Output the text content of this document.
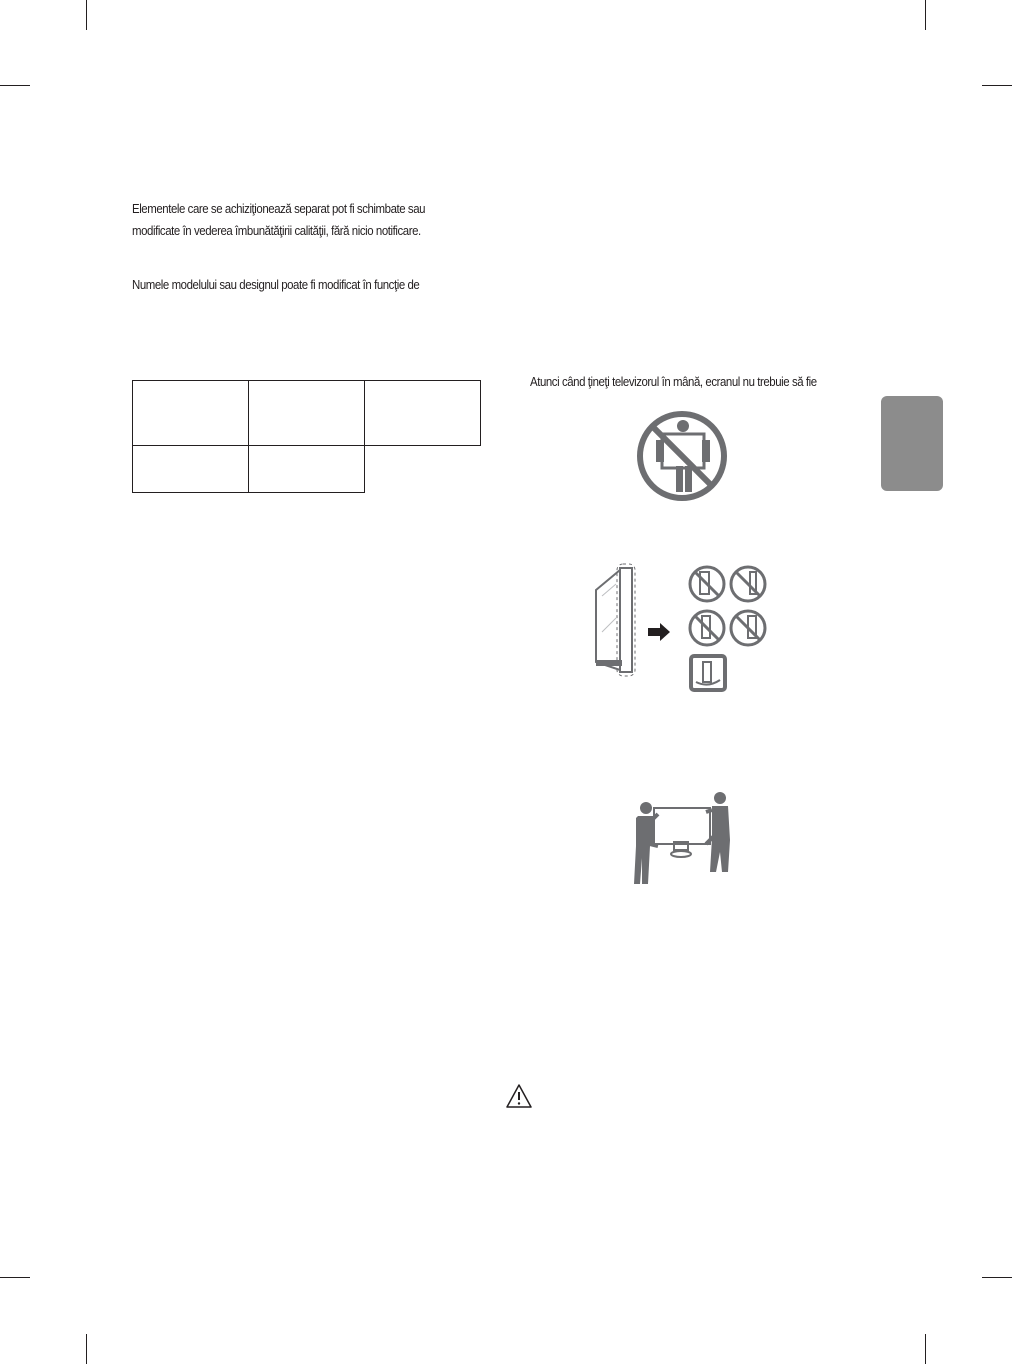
Elementele care se achiziţionează separat pot fi schimbate sau
modificate în vederea îmbunătăţirii calităţii, fără nicio notificare.

Numele modelului sau designul poate fi modificat în funcţie de

Atunci când ţineţi televizorul în mână, ecranul nu trebuie să fie
